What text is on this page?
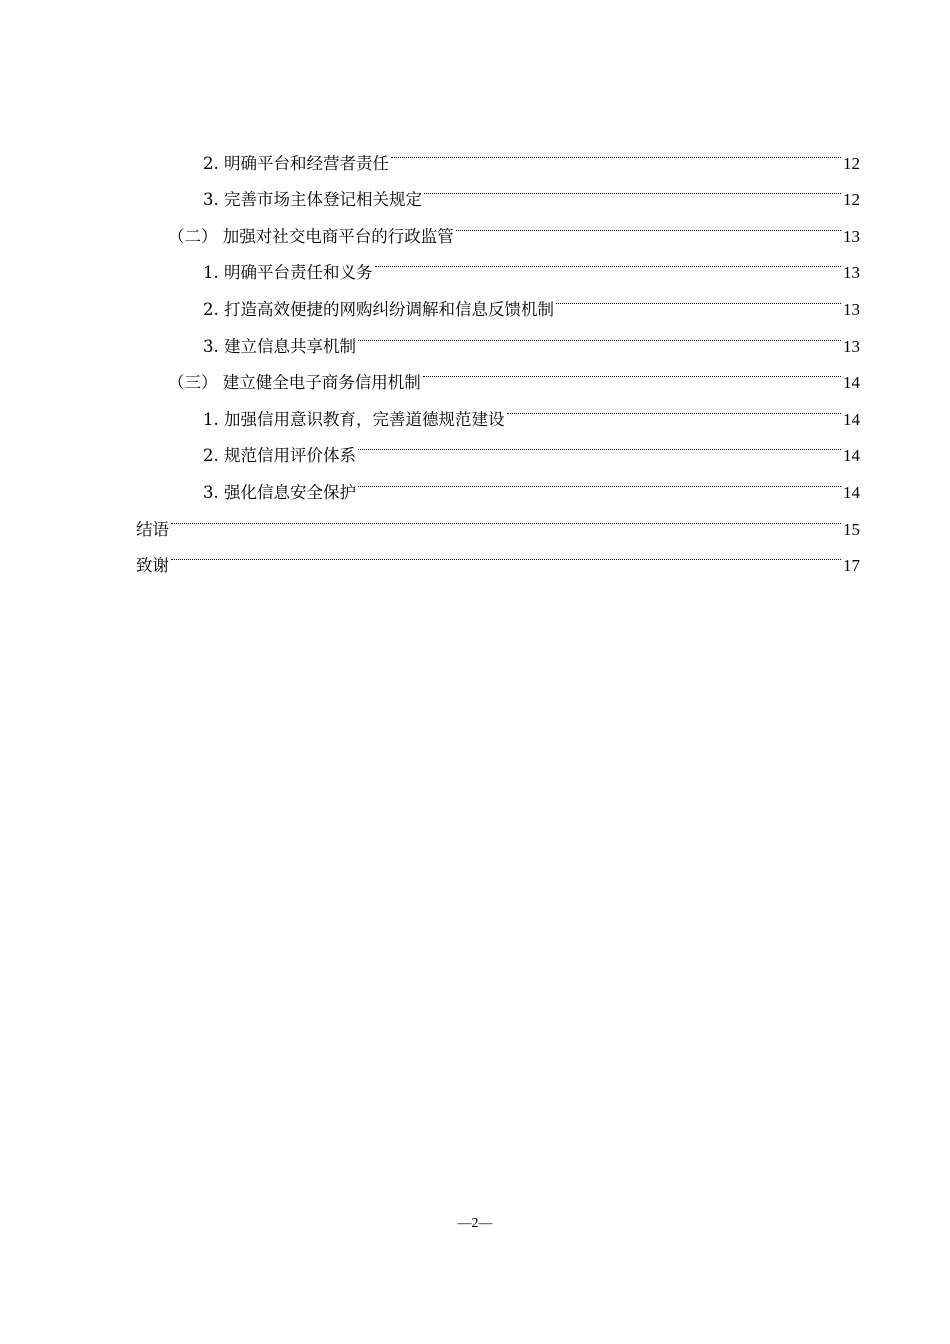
2. 明确平台和经营者责任	12
3. 完善市场主体登记相关规定	12
（二） 加强对社交电商平台的行政监管	13
1. 明确平台责任和义务	13
2. 打造高效便捷的网购纠纷调解和信息反馈机制	13
3. 建立信息共享机制	13
（三） 建立健全电子商务信用机制	14
1. 加强信用意识教育，完善道德规范建设	14
2. 规范信用评价体系	14
3. 强化信息安全保护	14
结语	15
致谢	17
—2—
